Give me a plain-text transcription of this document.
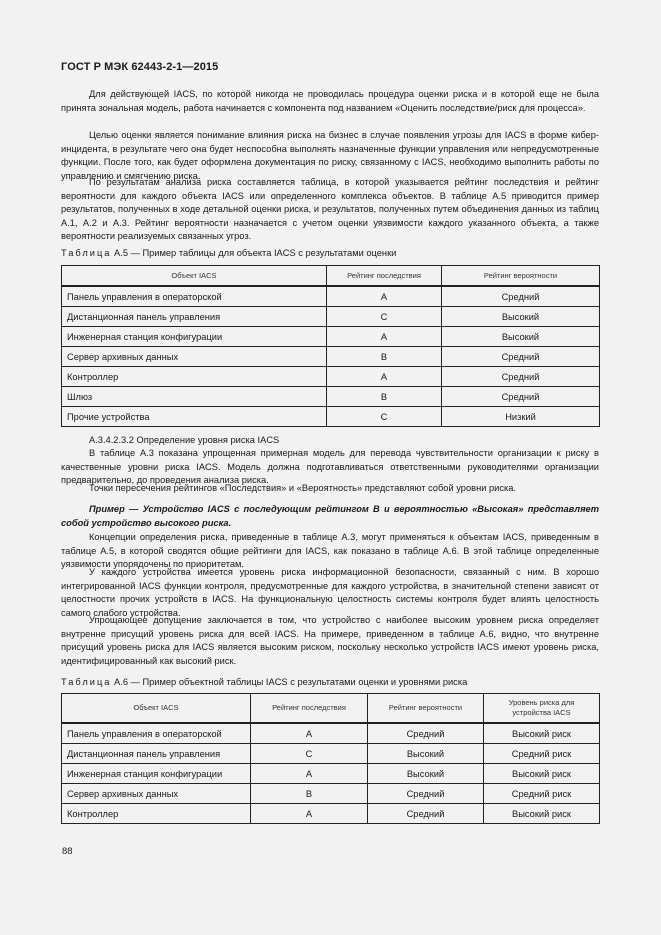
ГОСТ Р МЭК 62443-2-1—2015

Для действующей IACS, по которой никогда не проводилась процедура оценки риска и в которой еще не была принята зональная модель, работа начинается с компонента под названием «Оценить последствие/риск для процесса».

Целью оценки является понимание влияния риска на бизнес в случае появления угрозы для IACS в форме кибер-инцидента, в результате чего она будет неспособна выполнять назначенные функции управления или непредусмотренные функции. После того, как будет оформлена документация по риску, связанному с IACS, необходимо выполнить работы по управлению и смягчению риска.

По результатам анализа риска составляется таблица, в которой указывается рейтинг последствия и рейтинг вероятности для каждого объекта IACS или определенного комплекса объектов. В таблице А.5 приводится пример результатов, полученных в ходе детальной оценки риска, и результатов, полученных путем объединения данных из таблиц А.1, А.2 и А.3. Рейтинг вероятности назначается с учетом оценки уязвимости каждого указанного объекта, а также вероятности реализуемых связанных угроз.

Таблица А.5 — Пример таблицы для объекта IACS с результатами оценки
Объект IACS	Рейтинг последствия	Рейтинг вероятности
Панель управления в операторской	А	Средний
Дистанционная панель управления	С	Высокий
Инженерная станция конфигурации	А	Высокий
Сервер архивных данных	В	Средний
Контроллер	А	Средний
Шлюз	В	Средний
Прочие устройства	С	Низкий

А.3.4.2.3.2 Определение уровня риска IACS

В таблице А.3 показана упрощенная примерная модель для перевода чувствительности организации к риску в качественные уровни риска IACS. Модель должна подготавливаться ответственными руководителями организации предварительно, до проведения анализа риска.

Точки пересечения рейтингов «Последствия» и «Вероятность» представляют собой уровни риска.

Пример — Устройство IACS с последующим рейтингом В и вероятностью «Высокая» представляет собой устройство высокого риска.

Концепции определения риска, приведенные в таблице А.3, могут применяться к объектам IACS, приведенным в таблице А.5, в которой сводятся общие рейтинги для IACS, как показано в таблице А.6. В этой таблице определенные уязвимости упорядочены по приоритетам.

У каждого устройства имеется уровень риска информационной безопасности, связанный с ним. В хорошо интегрированной IACS функции контроля, предусмотренные для каждого устройства, в значительной степени зависят от целостности прочих устройств в IACS. На функциональную целостность системы контроля будет влиять целостность самого слабого устройства.

Упрощающее допущение заключается в том, что устройство с наиболее высоким уровнем риска определяет внутренне присущий уровень риска для всей IACS. На примере, приведенном в таблице А.6, видно, что внутренне присущий уровень риска для IACS является высоким риском, поскольку несколько устройств IACS имеют уровень риска, идентифицированный как высокий риск.

Таблица А.6 — Пример объектной таблицы IACS с результатами оценки и уровнями риска
Объект IACS	Рейтинг последствия	Рейтинг вероятности	Уровень риска для устройства IACS
Панель управления в операторской	А	Средний	Высокий риск
Дистанционная панель управления	С	Высокий	Средний риск
Инженерная станция конфигурации	А	Высокий	Высокий риск
Сервер архивных данных	В	Средний	Средний риск
Контроллер	А	Средний	Высокий риск
88
